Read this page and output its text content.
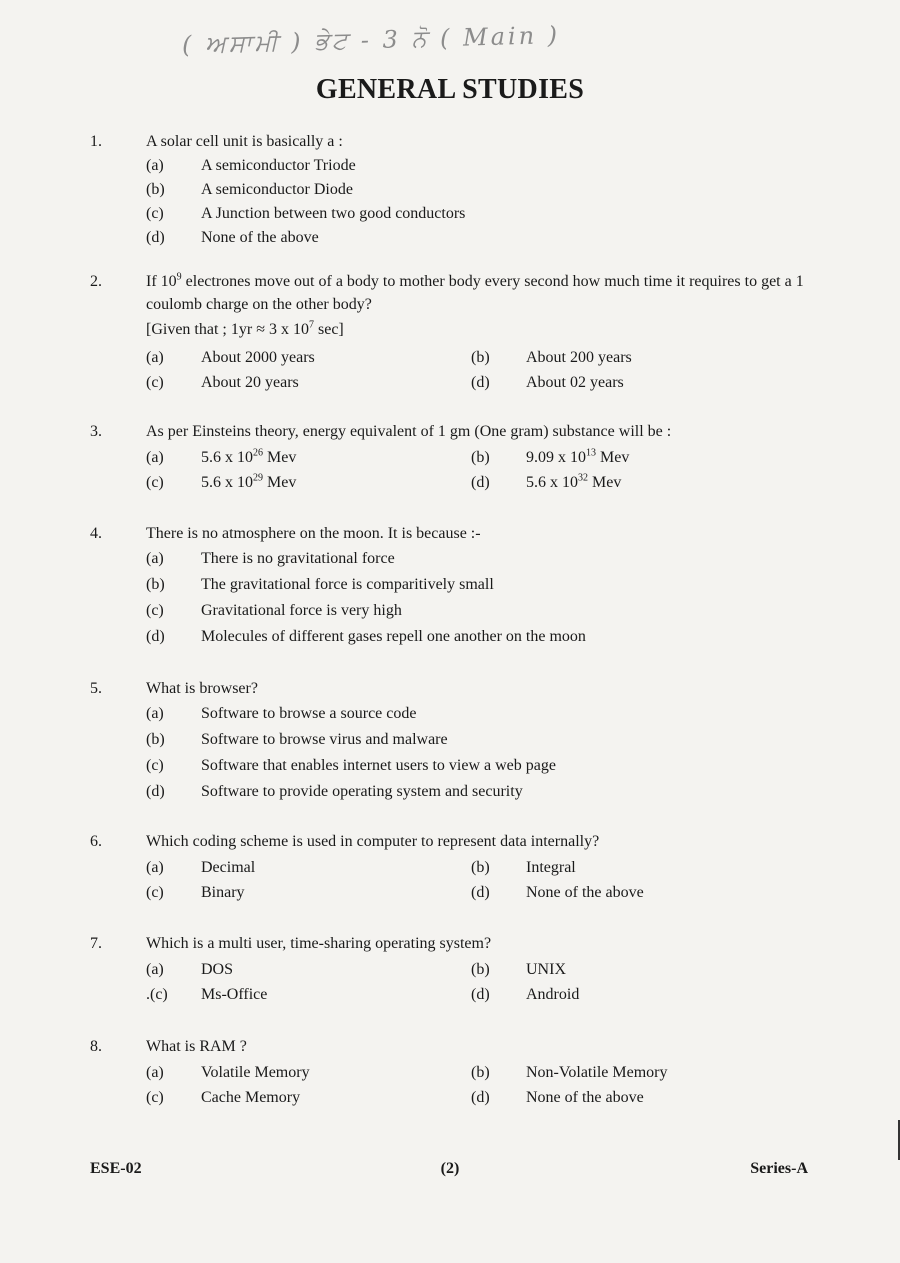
( ਅਸਾਮੀ ) ਭੇਟ - 3 ਨੋ ( Main )
GENERAL STUDIES
1.	A solar cell unit is basically a :
(a)	A semiconductor Triode
(b)	A semiconductor Diode
(c)	A Junction between two good conductors
(d)	None of the above
2.	If $10^9$ electrones move out of a body to mother body every second how much time it requires to get a 1 coulomb charge on the other body?
[Given that ; 1yr ≈ 3 x $10^7$ sec]
(a)	About 2000 years	(b)	About 200 years
(c)	About 20 years	(d)	About 02 years
3.	As per Einsteins theory, energy equivalent of 1 gm (One gram) substance will be :
(a)	5.6 x $10^{26}$ Mev	(b)	9.09 x $10^{13}$ Mev
(c)	5.6 x $10^{29}$ Mev	(d)	5.6 x $10^{32}$ Mev
4.	There is no atmosphere on the moon. It is because :-
(a)	There is no gravitational force
(b)	The gravitational force is comparitively small
(c)	Gravitational force is very high
(d)	Molecules of different gases repell one another on the moon
5.	What is browser?
(a)	Software to browse a source code
(b)	Software to browse virus and malware
(c)	Software that enables internet users to view a web page
(d)	Software to provide operating system and security
6.	Which coding scheme is used in computer to represent data internally?
(a)	Decimal	(b)	Integral
(c)	Binary	(d)	None of the above
7.	Which is a multi user, time-sharing operating system?
(a)	DOS	(b)	UNIX
.(c)	Ms-Office	(d)	Android
8.	What is RAM ?
(a)	Volatile Memory	(b)	Non-Volatile Memory
(c)	Cache Memory	(d)	None of the above
ESE-02	(2)	Series-A
